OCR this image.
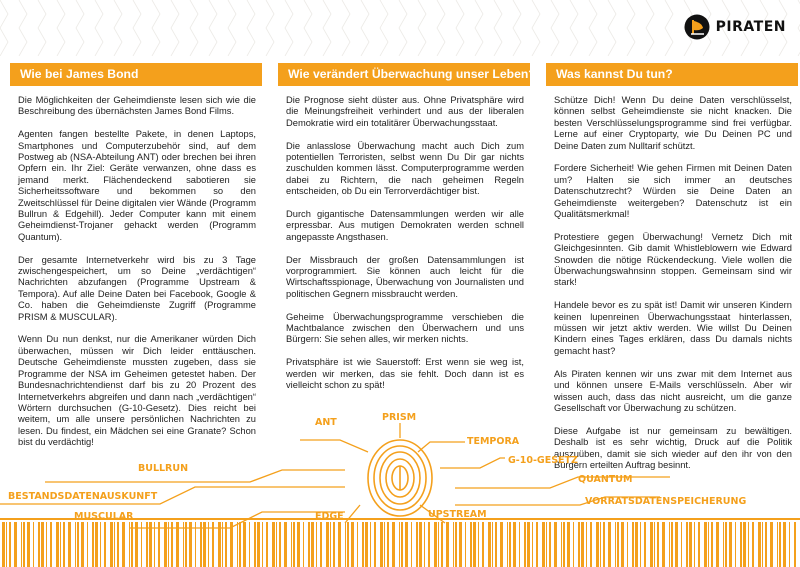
PIRATEN
Wie bei James Bond

Die Möglichkeiten der Geheimdienste lesen sich wie die Beschreibung des übernächsten James Bond Films.

Agenten fangen bestellte Pakete, in denen Laptops, Smartphones und Computerzubehör sind, auf dem Postweg ab (NSA-Abteilung ANT) oder brechen bei ihren Opfern ein. Ihr Ziel: Geräte verwanzen, ohne dass es jemand merkt. Flächendeckend sabotieren sie Sicherheitssoftware und bekommen so den Zweitschlüssel für Deine digitalen vier Wände (Programm Bullrun & Edgehill). Jeder Computer kann mit einem Geheimdienst-Trojaner gehackt werden (Programm Quantum).

Der gesamte Internetverkehr wird bis zu 3 Tage zwischengespeichert, um so Deine „verdächtigen“ Nachrichten abzufangen (Programme Upstream & Tempora). Auf alle Deine Daten bei Facebook, Google & Co. haben die Geheimdienste Zugriff (Programme PRISM & MUSCULAR).

Wenn Du nun denkst, nur die Amerikaner würden Dich überwachen, müssen wir Dich leider enttäuschen. Deutsche Geheimdienste mussten zugeben, dass sie Programme der NSA im Geheimen getestet haben. Der Bundesnachrichtendienst darf bis zu 20 Prozent des Internetverkehrs abgreifen und dann nach „verdächtigen“ Wörtern durchsuchen (G-10-Gesetz). Dies reicht bei weitem, um alle unsere persönlichen Nachrichten zu lesen. Du findest, ein Mädchen sei eine Granate? Schon bist du verdächtig!

Wie verändert Überwachung unser Leben?

Die Prognose sieht düster aus. Ohne Privatsphäre wird die Meinungsfreiheit verhindert und aus der liberalen Demokratie wird ein totalitärer Überwachungsstaat.

Die anlasslose Überwachung macht auch Dich zum potentiellen Terroristen, selbst wenn Du Dir gar nichts zuschulden kommen lässt. Computerprogramme werden dabei zu Richtern, die nach geheimen Regeln entscheiden, ob Du ein Terrorverdächtiger bist.

Durch gigantische Datensammlungen werden wir alle erpressbar. Aus mutigen Demokraten werden schnell angepasste Angsthasen.

Der Missbrauch der großen Datensammlungen ist vorprogrammiert. Sie können auch leicht für die Wirtschaftsspionage, Überwachung von Journalisten und politischen Gegnern missbraucht werden.

Geheime Überwachungsprogramme verschieben die Machtbalance zwischen den Überwachern und uns Bürgern: Sie sehen alles, wir merken nichts.

Privatsphäre ist wie Sauerstoff: Erst wenn sie weg ist, werden wir merken, das sie fehlt. Doch dann ist es vielleicht schon zu spät!

Was kannst Du tun?

Schütze Dich! Wenn Du deine Daten verschlüsselst, können selbst Geheimdienste sie nicht knacken. Die besten Verschlüsselungsprogramme sind frei verfügbar. Lerne auf einer Cryptoparty, wie Du Deinen PC und Deine Daten zum Nulltarif schützt.

Fordere Sicherheit! Wie gehen Firmen mit Deinen Daten um? Halten sie sich immer an deutsches Datenschutzrecht? Würden sie Deine Daten an Geheimdienste weitergeben? Datenschutz ist ein Qualitätsmerkmal!

Protestiere gegen Überwachung! Vernetz Dich mit Gleichgesinnten. Gib damit Whistleblowern wie Edward Snowden die nötige Rückendeckung. Viele wollen die Überwachungswahnsinn stoppen. Gemeinsam sind wir stark!

Handele bevor es zu spät ist! Damit wir unseren Kindern keinen lupenreinen Überwachungsstaat hinterlassen, müssen wir jetzt aktiv werden. Wie willst Du Deinen Kindern eines Tages erklären, dass Du damals nichts gemacht hast?

Als Piraten kennen wir uns zwar mit dem Internet aus und können unsere E-Mails verschlüsseln. Aber wir wissen auch, dass das nicht ausreicht, um die ganze Gesellschaft vor Überwachung zu schützen.

Diese Aufgabe ist nur gemeinsam zu bewältigen. Deshalb ist es sehr wichtig, Druck auf die Politik auszuüben, damit sie sich wieder auf den ihr von den Bürgern erteilten Auftrag besinnt.

ANT	PRISM
TEMPORA
G-10-GESETZ
BULLRUN
BESTANDSDATENAUSKUNFT
QUANTUM
VORRATSDATENSPEICHERUNG
EDGE	UPSTREAM
MUSCULAR
